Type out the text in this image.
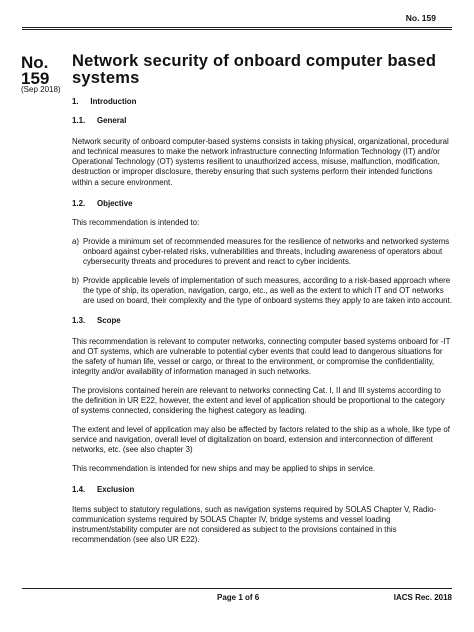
No. 159
No.
159
(Sep 2018)
Network security of onboard computer based systems

1.  Introduction

1.1.  General

Network security of onboard computer-based systems consists in taking physical, organizational, procedural and technical measures to make the network infrastructure connecting Information Technology (IT) and/or Operational Technology (OT) systems resilient to unauthorized access, misuse, malfunction, modification, destruction or improper disclosure, thereby ensuring that such systems perform their intended functions within a secure environment.

1.2.  Objective

This recommendation is intended to:

a) Provide a minimum set of recommended measures for the resilience of networks and networked systems onboard against cyber-related risks, vulnerabilities and threats, including awareness of operators about cybersecurity threats and procedures to prevent and react to cyber incidents.
b) Provide applicable levels of implementation of such measures, according to a risk-based approach where the type of ship, its operation, navigation, cargo, etc., as well as the extent to which IT and OT networks are used on board, their complexity and the type of onboard systems they apply to are taken into account.

1.3.  Scope

This recommendation is relevant to computer networks, connecting computer based systems onboard for -IT and OT systems, which are vulnerable to potential cyber events that could lead to dangerous situations for the safety of human life, vessel or cargo, or threat to the environment, or compromise the confidentiality, integrity and/or availability of information managed in such networks.

The provisions contained herein are relevant to networks connecting Cat. I, II and III systems according to the definition in UR E22, however, the extent and level of application should be proportional to the category of systems connected, considering the highest category as leading.

The extent and level of application may also be affected by factors related to the ship as a whole, like type of service and navigation, overall level of digitalization on board, extension and interconnection of different networks, etc. (see also chapter 3)

This recommendation is intended for new ships and may be applied to ships in service.

1.4.  Exclusion

Items subject to statutory regulations, such as navigation systems required by SOLAS Chapter V, Radio-communication systems required by SOLAS Chapter IV, bridge systems and vessel loading instrument/stability computer are not considered as subject to the provisions contained in this recommendation (see also UR E22).

Page 1 of 6	IACS Rec. 2018
